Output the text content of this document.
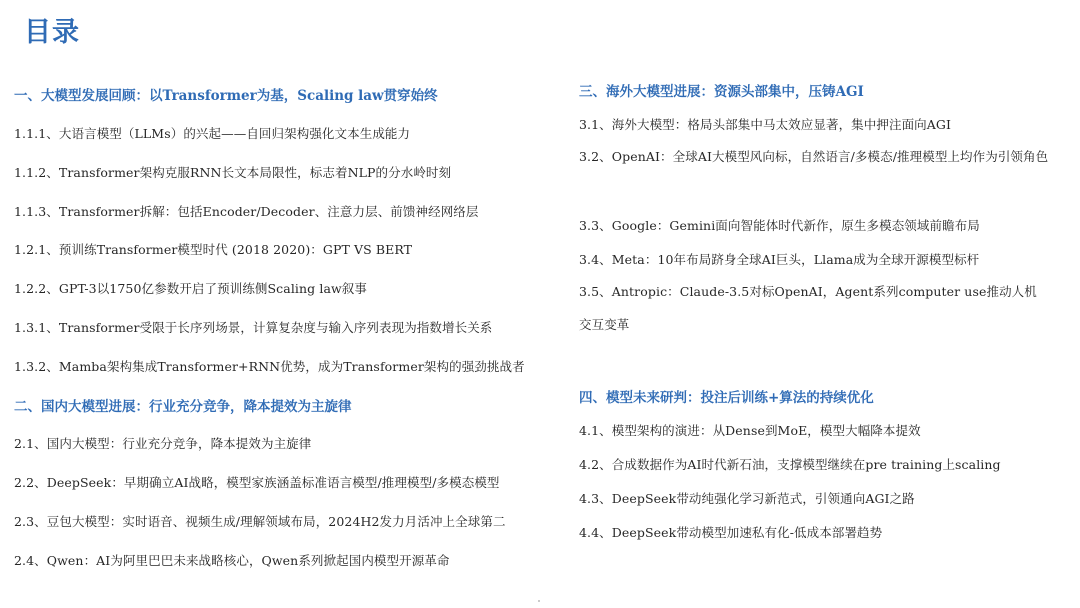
目录
一、大模型发展回顾：以Transformer为基，Scaling law贯穿始终
1.1.1、大语言模型（LLMs）的兴起——自回归架构强化文本生成能力
1.1.2、Transformer架构克服RNN长文本局限性，标志着NLP的分水岭时刻
1.1.3、Transformer拆解：包括Encoder/Decoder、注意力层、前馈神经网络层
1.2.1、预训练Transformer模型时代 (2018 2020)：GPT VS BERT
1.2.2、GPT-3以1750亿参数开启了预训练侧Scaling law叙事
1.3.1、Transformer受限于长序列场景，计算复杂度与输入序列表现为指数增长关系
1.3.2、Mamba架构集成Transformer+RNN优势，成为Transformer架构的强劲挑战者
二、国内大模型进展：行业充分竞争，降本提效为主旋律
2.1、国内大模型：行业充分竞争，降本提效为主旋律
2.2、DeepSeek：早期确立AI战略，模型家族涵盖标准语言模型/推理模型/多模态模型
2.3、豆包大模型：实时语音、视频生成/理解领域布局，2024H2发力月活冲上全球第二
2.4、Qwen：AI为阿里巴巴未来战略核心，Qwen系列掀起国内模型开源革命
三、海外大模型进展：资源头部集中，压铸AGI
3.1、海外大模型：格局头部集中马太效应显著，集中押注面向AGI
3.2、OpenAI：全球AI大模型风向标，自然语言/多模态/推理模型上均作为引领角色
3.3、Google：Gemini面向智能体时代新作，原生多模态领域前瞻布局
3.4、Meta：10年布局跻身全球AI巨头，Llama成为全球开源模型标杆
3.5、Antropic：Claude-3.5对标OpenAI，Agent系列computer use推动人机交互变革
四、模型未来研判：投注后训练+算法的持续优化
4.1、模型架构的演进：从Dense到MoE，模型大幅降本提效
4.2、合成数据作为AI时代新石油，支撑模型继续在pre training上scaling
4.3、DeepSeek带动纯强化学习新范式，引领通向AGI之路
4.4、DeepSeek带动模型加速私有化-低成本部署趋势
